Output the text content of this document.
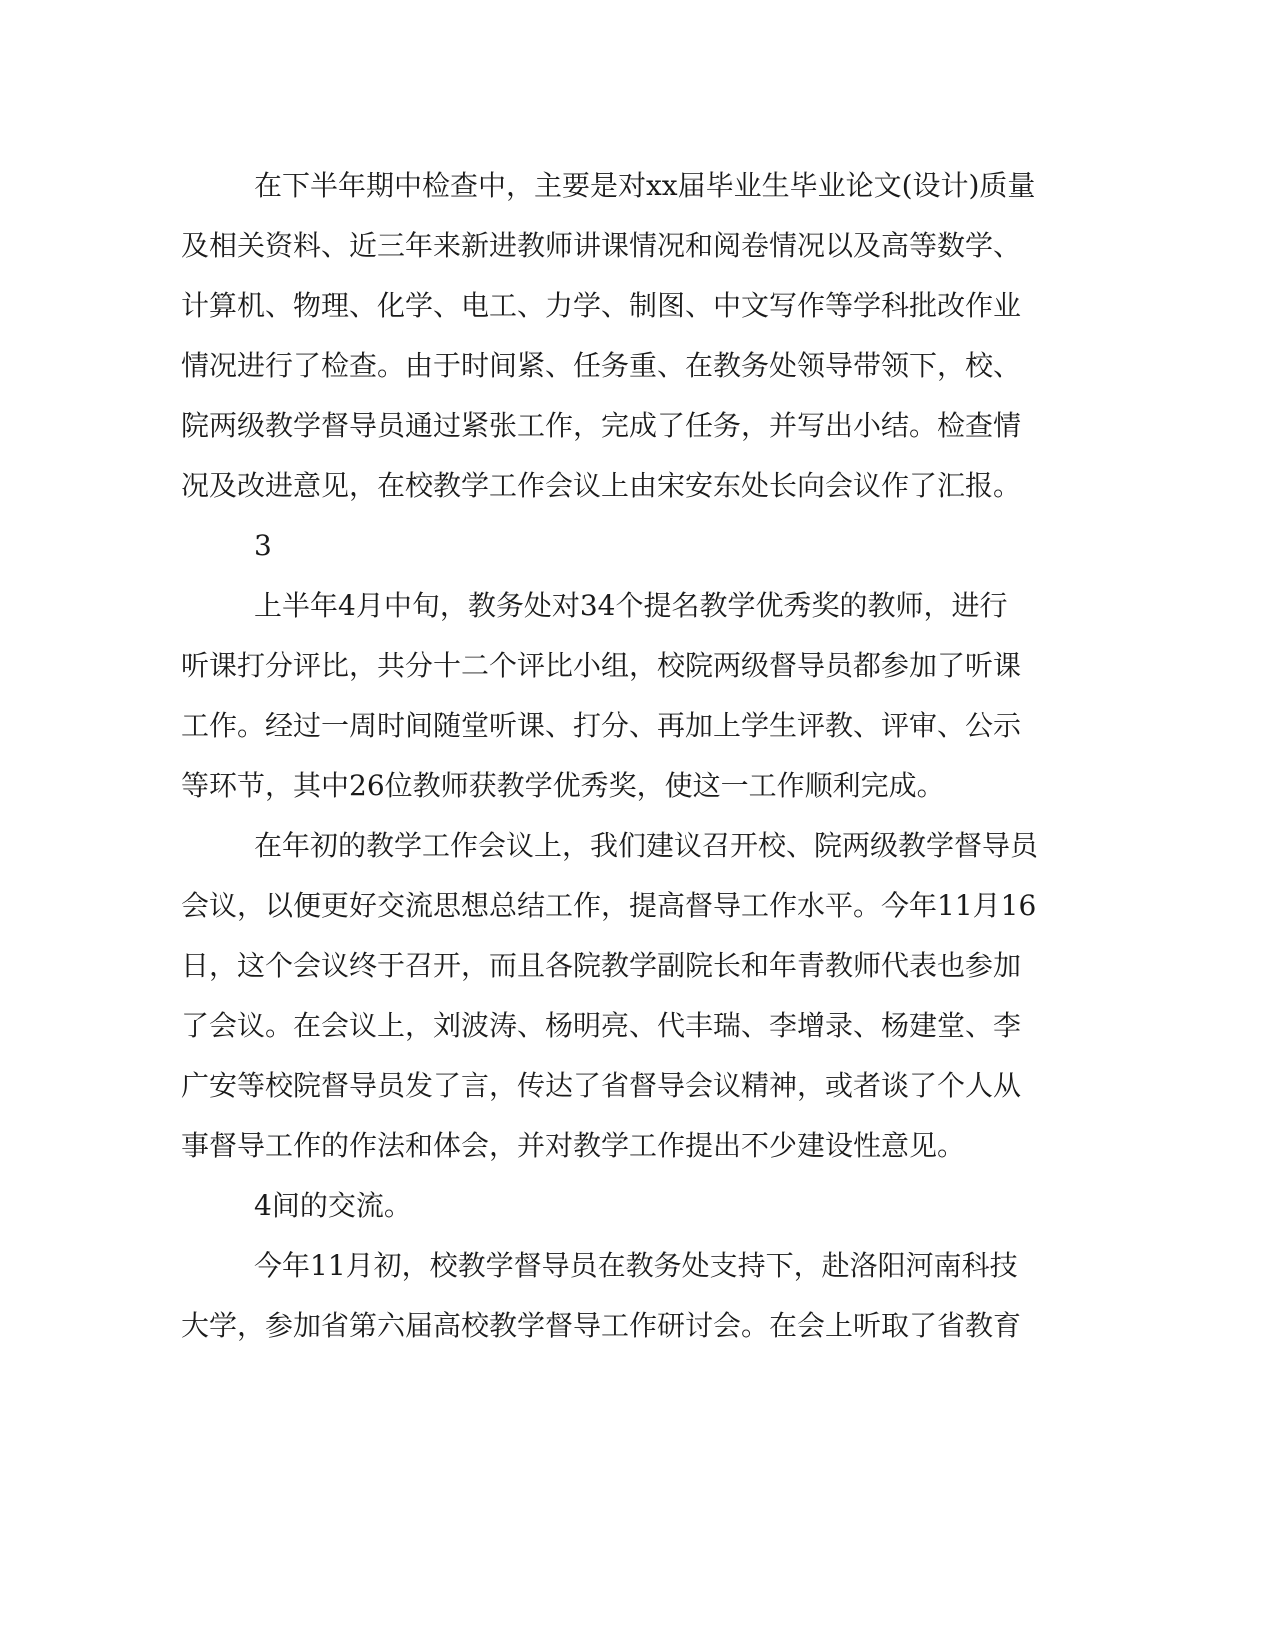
在下半年期中检查中，主要是对xx届毕业生毕业论文(设计)质量
及相关资料、近三年来新进教师讲课情况和阅卷情况以及高等数学、
计算机、物理、化学、电工、力学、制图、中文写作等学科批改作业
情况进行了检查。由于时间紧、任务重、在教务处领导带领下，校、
院两级教学督导员通过紧张工作，完成了任务，并写出小结。检查情
况及改进意见，在校教学工作会议上由宋安东处长向会议作了汇报。
3
上半年4月中旬，教务处对34个提名教学优秀奖的教师，进行
听课打分评比，共分十二个评比小组，校院两级督导员都参加了听课
工作。经过一周时间随堂听课、打分、再加上学生评教、评审、公示
等环节，其中26位教师获教学优秀奖，使这一工作顺利完成。
在年初的教学工作会议上，我们建议召开校、院两级教学督导员
会议，以便更好交流思想总结工作，提高督导工作水平。今年11月16
日，这个会议终于召开，而且各院教学副院长和年青教师代表也参加
了会议。在会议上，刘波涛、杨明亮、代丰瑞、李增录、杨建堂、李
广安等校院督导员发了言，传达了省督导会议精神，或者谈了个人从
事督导工作的作法和体会，并对教学工作提出不少建设性意见。
4间的交流。
今年11月初，校教学督导员在教务处支持下，赴洛阳河南科技
大学，参加省第六届高校教学督导工作研讨会。在会上听取了省教育
